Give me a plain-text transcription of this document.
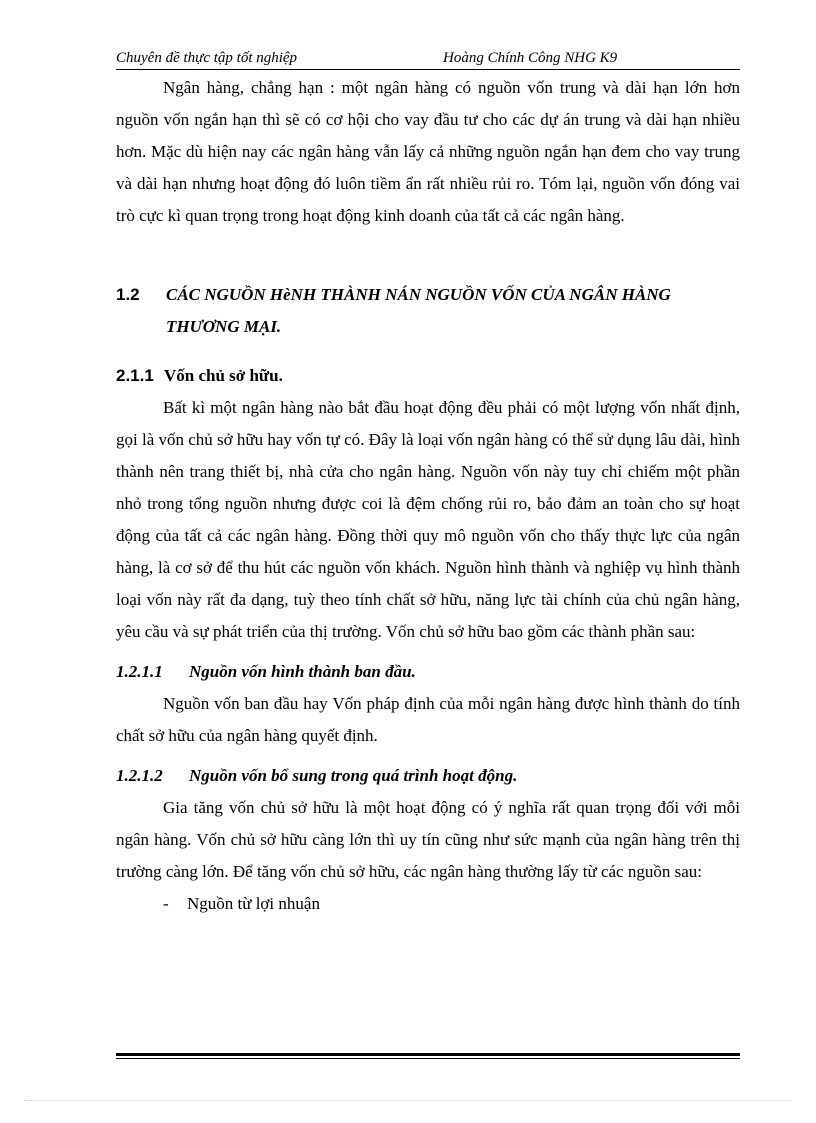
Chuyên đề thực tập tốt nghiệp	Hoàng Chính Công NHG K9

Ngân hàng, chẳng hạn : một ngân hàng có nguồn vốn trung và dài hạn lớn hơn nguồn vốn ngắn hạn thì sẽ có cơ hội cho vay đầu tư cho các dự án trung và dài hạn nhiều hơn. Mặc dù hiện nay các ngân hàng vẫn lấy cả những nguồn ngắn hạn đem cho vay trung và dài hạn nhưng hoạt động đó luôn tiềm ẩn rất nhiều rủi ro. Tóm lại, nguồn vốn đóng vai trò cực kì quan trọng trong hoạt động kinh doanh của tất cả các ngân hàng.

1.2 CÁC NGUỒN HèNH THÀNH NÁN NGUỒN VỐN CỦA NGÂN HÀNG
THƯƠNG MẠI.
2.1.1 Vốn chủ sở hữu.

Bất kì một ngân hàng nào bắt đầu hoạt động đều phải có một lượng vốn nhất định, gọi là vốn chủ sở hữu hay vốn tự có. Đây là loại vốn ngân hàng có thể sử dụng lâu dài, hình thành nên trang thiết bị, nhà cửa cho ngân hàng. Nguồn vốn này tuy chỉ chiếm một phần nhỏ trong tổng nguồn nhưng được coi là đệm chống rủi ro, bảo đảm an toàn cho sự hoạt động của tất cả các ngân hàng. Đồng thời quy mô nguồn vốn cho thấy thực lực của ngân hàng, là cơ sở để thu hút các nguồn vốn khách. Nguồn hình thành và nghiệp vụ hình thành loại vốn này rất đa dạng, tuỳ theo tính chất sở hữu, năng lực tài chính của chủ ngân hàng, yêu cầu và sự phát triển của thị trường. Vốn chủ sở hữu bao gồm các thành phần sau:

1.2.1.1 Nguồn vốn hình thành ban đầu.

Nguồn vốn ban đầu hay Vốn pháp định của mỗi ngân hàng được hình thành do tính chất sở hữu của ngân hàng quyết định.

1.2.1.2 Nguồn vốn bổ sung trong quá trình hoạt động.

Gia tăng vốn chủ sở hữu là một hoạt động có ý nghĩa rất quan trọng đối với mỗi ngân hàng. Vốn chủ sở hữu càng lớn thì uy tín cũng như sức mạnh của ngân hàng trên thị trường càng lớn. Để tăng vốn chủ sở hữu, các ngân hàng thường lấy từ các nguồn sau:

- Nguồn từ lợi nhuận
